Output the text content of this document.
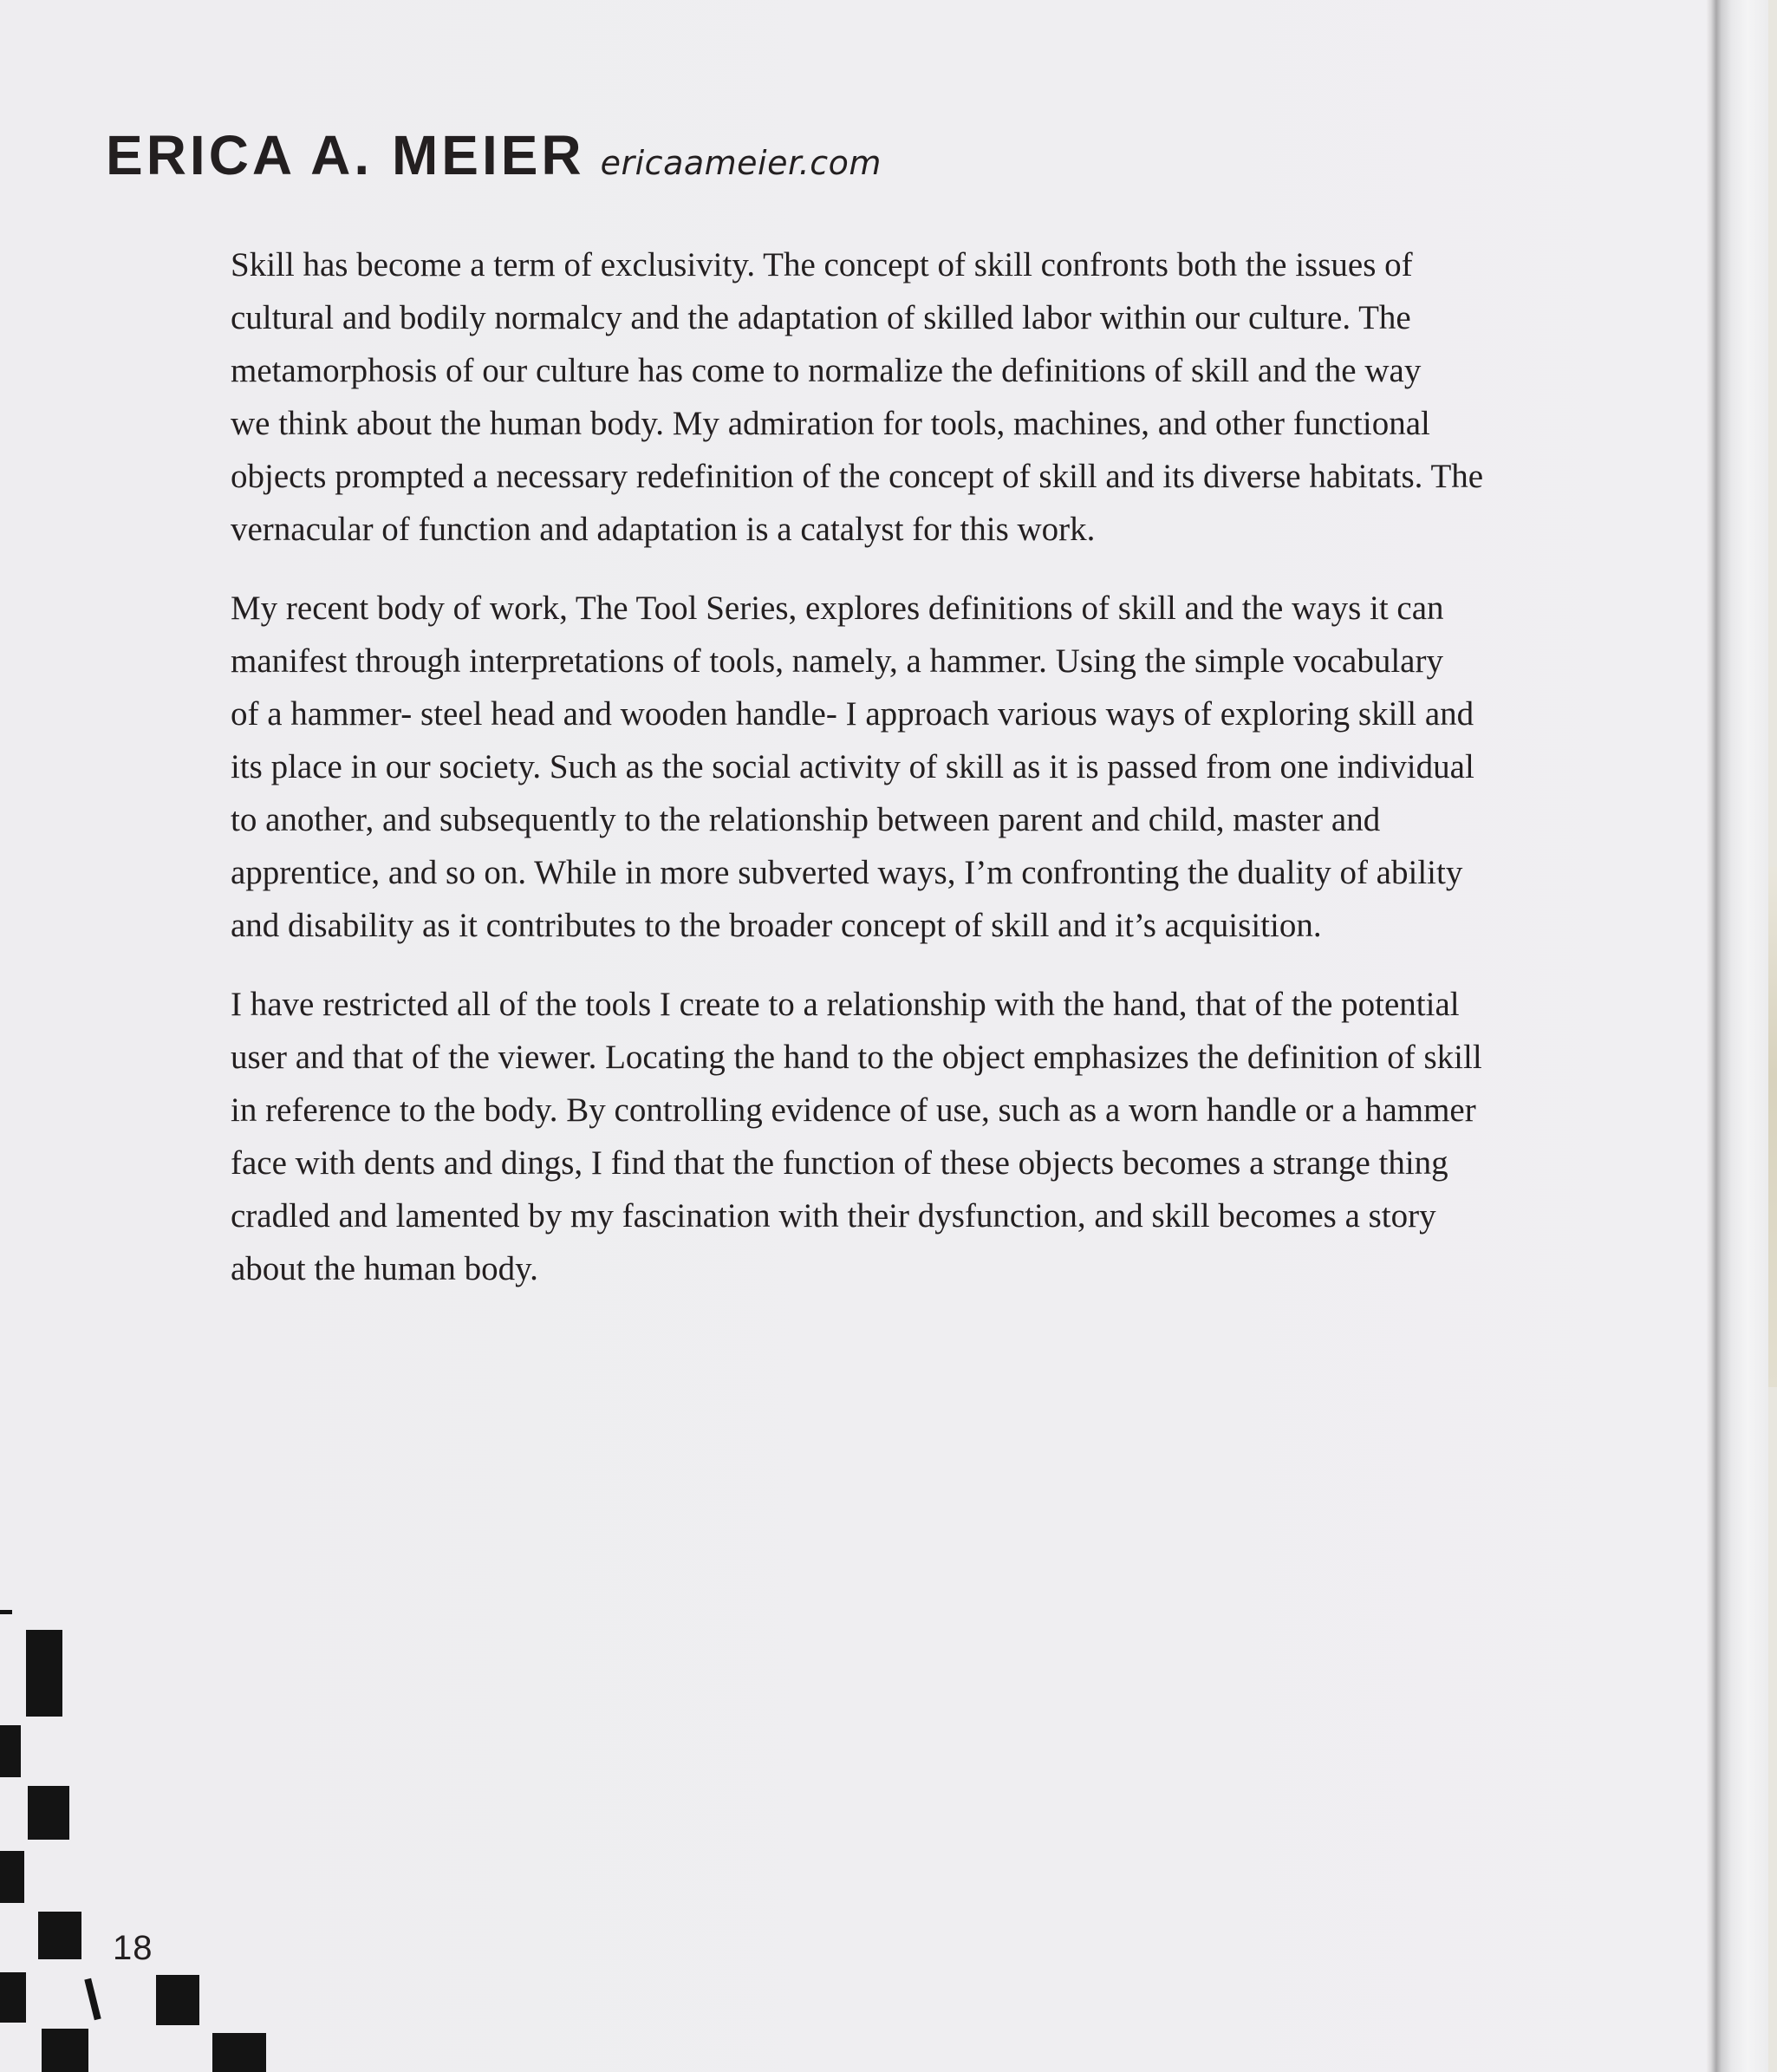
ERICA A. MEIER ericaameier.com

Skill has become a term of exclusivity. The concept of skill confronts both the issues of
cultural and bodily normalcy and the adaptation of skilled labor within our culture. The
metamorphosis of our culture has come to normalize the definitions of skill and the way
we think about the human body. My admiration for tools, machines, and other functional
objects prompted a necessary redefinition of the concept of skill and its diverse habitats. The
vernacular of function and adaptation is a catalyst for this work.

My recent body of work, The Tool Series, explores definitions of skill and the ways it can
manifest through interpretations of tools, namely, a hammer. Using the simple vocabulary
of a hammer- steel head and wooden handle- I approach various ways of exploring skill and
its place in our society. Such as the social activity of skill as it is passed from one individual
to another, and subsequently to the relationship between parent and child, master and
apprentice, and so on. While in more subverted ways, I’m confronting the duality of ability
and disability as it contributes to the broader concept of skill and it’s acquisition.

I have restricted all of the tools I create to a relationship with the hand, that of the potential
user and that of the viewer. Locating the hand to the object emphasizes the definition of skill
in reference to the body. By controlling evidence of use, such as a worn handle or a hammer
face with dents and dings, I find that the function of these objects becomes a strange thing
cradled and lamented by my fascination with their dysfunction, and skill becomes a story
about the human body.

18
